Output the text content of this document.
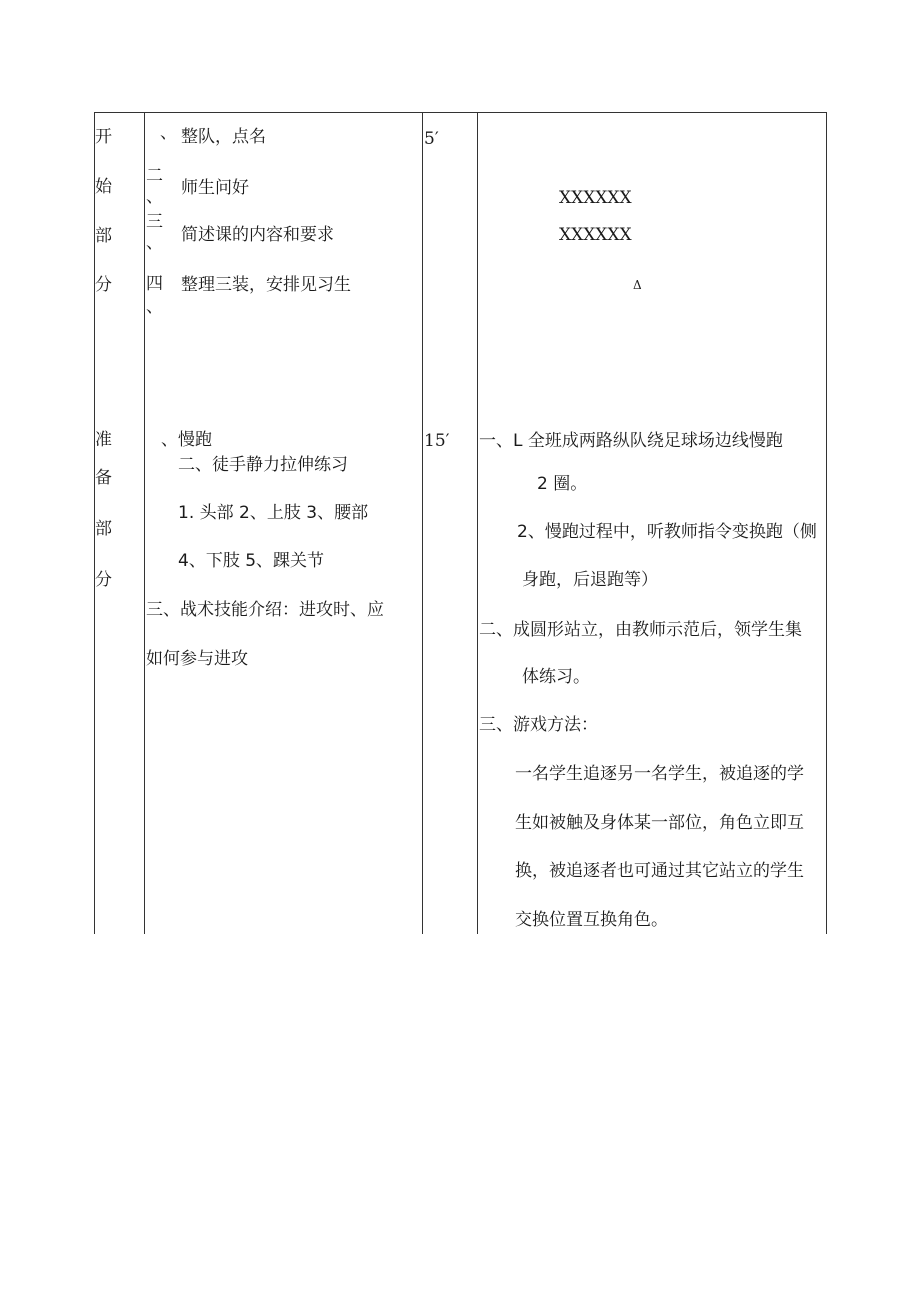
开
始
部
分
、 整队，点名
二
、 师生问好
三
、 简述课的内容和要求
四
、
整理三装，安排见习生
5′
XXXXXX
XXXXXX
Δ
准
备
部
分
、慢跑
二、徒手静力拉伸练习
1. 头部 2、上肢 3、腰部
4、下肢 5、踝关节
三、战术技能介绍：进攻时、应
如何参与进攻
15′ 一、L 全班成两路纵队绕足球场边线慢跑
2 圈。
2、慢跑过程中，听教师指令变换跑（侧
身跑，后退跑等）
二、成圆形站立，由教师示范后，领学生集
体练习。
三、游戏方法：
一名学生追逐另一名学生，被追逐的学
生如被触及身体某一部位，角色立即互
换，被追逐者也可通过其它站立的学生
交换位置互换角色。
